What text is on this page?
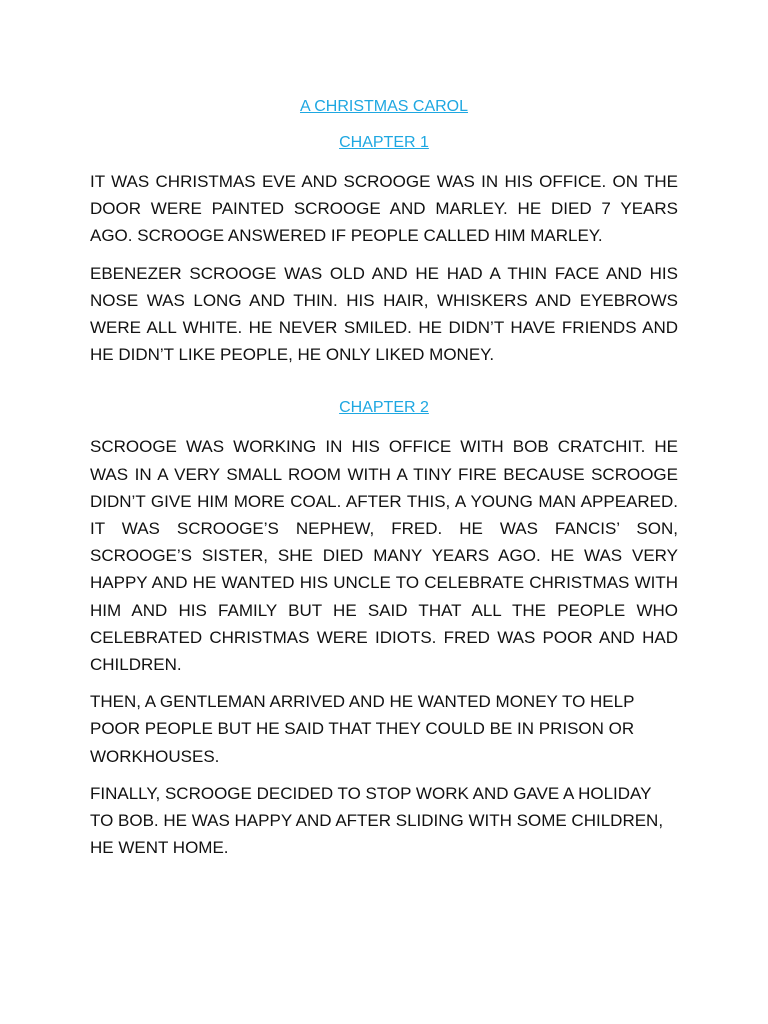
A CHRISTMAS CAROL

CHAPTER 1

IT WAS CHRISTMAS EVE AND SCROOGE WAS IN HIS OFFICE. ON THE DOOR WERE PAINTED SCROOGE AND MARLEY. HE DIED 7 YEARS AGO. SCROOGE ANSWERED IF PEOPLE CALLED HIM MARLEY.

EBENEZER SCROOGE WAS OLD AND HE HAD A THIN FACE AND HIS NOSE WAS LONG AND THIN. HIS HAIR, WHISKERS AND EYEBROWS WERE ALL WHITE. HE NEVER SMILED. HE DIDN’T HAVE FRIENDS AND HE DIDN’T LIKE PEOPLE, HE ONLY LIKED MONEY.

CHAPTER 2

SCROOGE WAS WORKING IN HIS OFFICE WITH BOB CRATCHIT. HE WAS IN A VERY SMALL ROOM WITH A TINY FIRE BECAUSE SCROOGE DIDN’T GIVE HIM MORE COAL. AFTER THIS, A YOUNG MAN APPEARED. IT WAS SCROOGE’S NEPHEW, FRED. HE WAS FANCIS’ SON, SCROOGE’S SISTER, SHE DIED MANY YEARS AGO. HE WAS VERY HAPPY AND HE WANTED HIS UNCLE TO CELEBRATE CHRISTMAS WITH HIM AND HIS FAMILY BUT HE SAID THAT ALL THE PEOPLE WHO CELEBRATED CHRISTMAS WERE IDIOTS. FRED WAS POOR AND HAD CHILDREN.

THEN, A GENTLEMAN ARRIVED AND HE WANTED MONEY TO HELP POOR PEOPLE BUT HE SAID THAT THEY COULD BE IN PRISON OR WORKHOUSES.

FINALLY, SCROOGE DECIDED TO STOP WORK AND GAVE A HOLIDAY TO BOB. HE WAS HAPPY AND AFTER SLIDING WITH SOME CHILDREN, HE WENT HOME.
